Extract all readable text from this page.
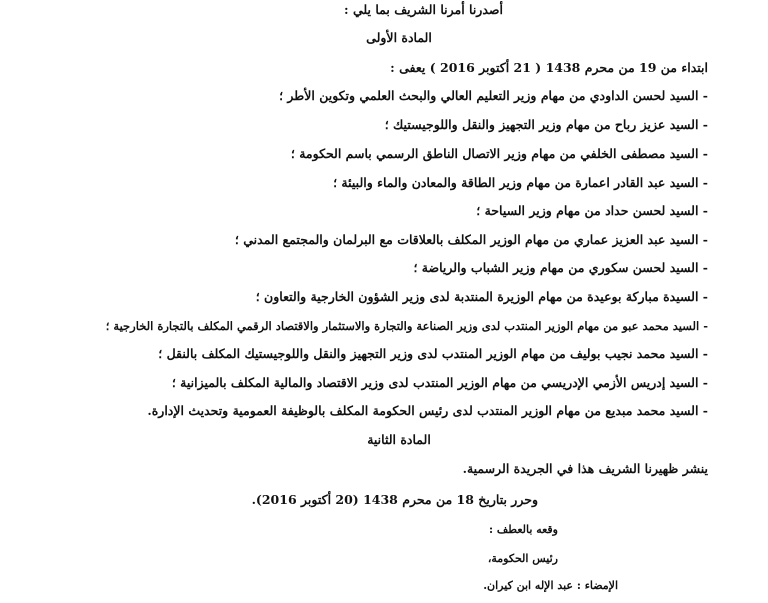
أصدرنا أمرنا الشريف بما يلي :
المادة الأولى
ابتداء من 19 من محرم 1438 ( 21 أكتوبر 2016 ) يعفى :
- السيد لحسن الداودي من مهام وزير التعليم العالي والبحث العلمي وتكوين الأطر ؛
- السيد عزيز رباح من مهام وزير التجهيز والنقل واللوجيستيك ؛
- السيد مصطفى الخلفي من مهام وزير الاتصال الناطق الرسمي باسم الحكومة ؛
- السيد عبد القادر اعمارة من مهام وزير الطاقة والمعادن والماء والبيئة ؛
- السيد لحسن حداد من مهام وزير السياحة ؛
- السيد عبد العزيز عماري من مهام الوزير المكلف بالعلاقات مع البرلمان والمجتمع المدني ؛
- السيد لحسن سكوري من مهام وزير الشباب والرياضة ؛
- السيدة مباركة بوعيدة من مهام الوزيرة المنتدبة لدى وزير الشؤون الخارجية والتعاون ؛
- السيد محمد عبو من مهام الوزير المنتدب لدى وزير الصناعة والتجارة والاستثمار والاقتصاد الرقمي المكلف بالتجارة الخارجية ؛
- السيد محمد نجيب بوليف من مهام الوزير المنتدب لدى وزير التجهيز والنقل واللوجيستيك المكلف بالنقل ؛
- السيد إدريس الأزمي الإدريسي من مهام الوزير المنتدب لدى وزير الاقتصاد والمالية المكلف بالميزانية ؛
- السيد محمد مبديع من مهام الوزير المنتدب لدى رئيس الحكومة المكلف بالوظيفة العمومية وتحديث الإدارة.
المادة الثانية
ينشر ظهيرنا الشريف هذا في الجريدة الرسمية.
وحرر بتاريخ 18 من محرم 1438 (20 أكتوبر 2016).
وقعه بالعطف :
رئيس الحكومة،
الإمضاء : عبد الإله ابن كيران.
